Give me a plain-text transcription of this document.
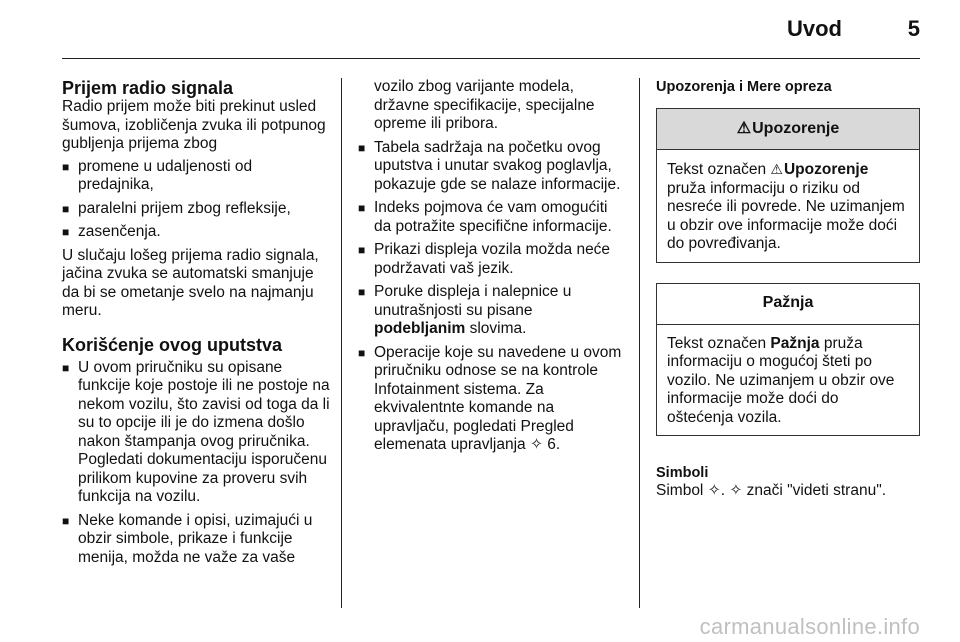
Uvod	5
Prijem radio signala

Radio prijem može biti prekinut usled šumova, izobličenja zvuka ili potpunog gubljenja prijema zbog

■ promene u udaljenosti od predajnika,
■ paralelni prijem zbog refleksije,
■ zasenčenja.

U slučaju lošeg prijema radio signala, jačina zvuka se automatski smanjuje da bi se ometanje svelo na najmanju meru.

Korišćenje ovog uputstva
■ U ovom priručniku su opisane funkcije koje postoje ili ne postoje na nekom vozilu, što zavisi od toga da li su to opcije ili je do izmena došlo nakon štampanja ovog priručnika. Pogledati dokumentaciju isporučenu prilikom kupovine za proveru svih funkcija na vozilu.
■ Neke komande i opisi, uzimajući u obzir simbole, prikaze i funkcije menija, možda ne važe za vaše

vozilo zbog varijante modela, državne specifikacije, specijalne opreme ili pribora.

■ Tabela sadržaja na početku ovog uputstva i unutar svakog poglavlja, pokazuje gde se nalaze informacije.
■ Indeks pojmova će vam omogućiti da potražite specifične informacije.
■ Prikazi displeja vozila možda neće podržavati vaš jezik.
■ Poruke displeja i nalepnice u unutrašnjosti su pisane podebljanim slovima.
■ Operacije koje su navedene u ovom priručniku odnose se na kontrole Infotainment sistema. Za ekvivalentnte komande na upravljaču, pogledati Pregled elemenata upravljanja ✧ 6.

Upozorenja i Mere opreza

⚠ Upozorenje
Tekst označen ⚠Upozorenje pruža informaciju o riziku od nesreće ili povrede. Ne uzimanjem u obzir ove informacije može doći do povređivanja.
Pažnja
Tekst označen Pažnja pruža informaciju o mogućoj šteti po vozilo. Ne uzimanjem u obzir ove informacije može doći do oštećenja vozila.

Simboli

Simbol ✧. ✧ znači "videti stranu".

carmanualsonline.info
